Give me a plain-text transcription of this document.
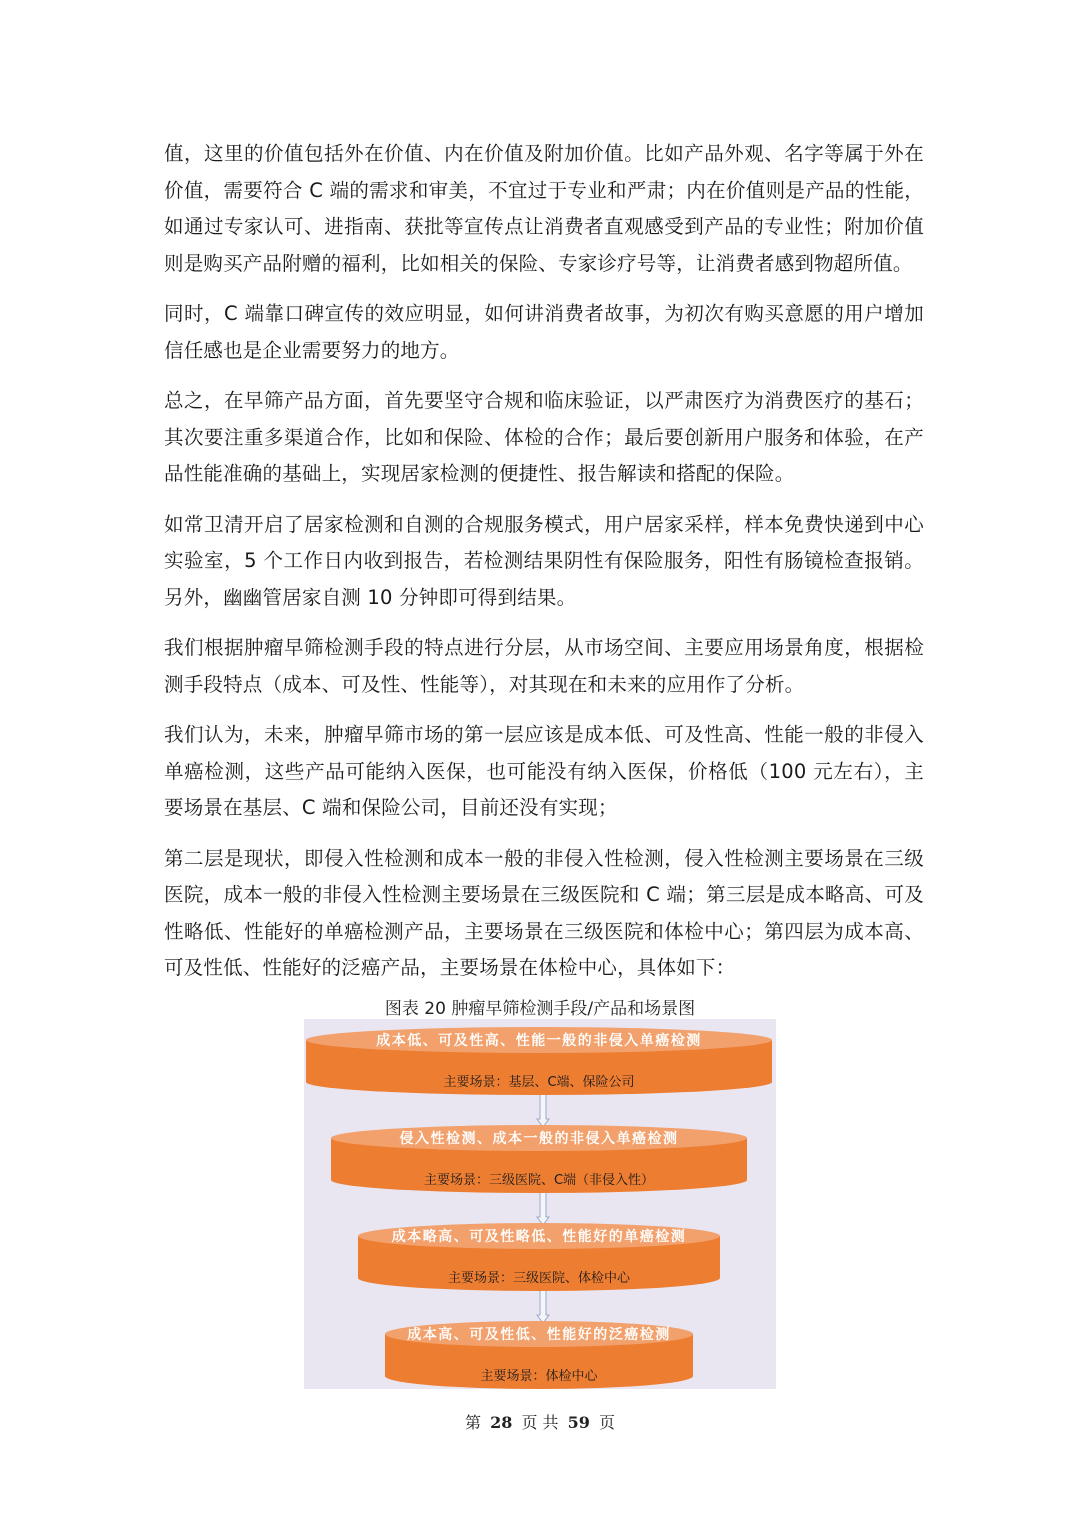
值，这里的价值包括外在价值、内在价值及附加价值。比如产品外观、名字等属于外在价值，需要符合 C 端的需求和审美，不宜过于专业和严肃；内在价值则是产品的性能，如通过专家认可、进指南、获批等宣传点让消费者直观感受到产品的专业性；附加价值则是购买产品附赠的福利，比如相关的保险、专家诊疗号等，让消费者感到物超所值。

同时，C 端靠口碑宣传的效应明显，如何讲消费者故事，为初次有购买意愿的用户增加信任感也是企业需要努力的地方。

总之，在早筛产品方面，首先要坚守合规和临床验证，以严肃医疗为消费医疗的基石；其次要注重多渠道合作，比如和保险、体检的合作；最后要创新用户服务和体验，在产品性能准确的基础上，实现居家检测的便捷性、报告解读和搭配的保险。

如常卫清开启了居家检测和自测的合规服务模式，用户居家采样，样本免费快递到中心实验室，5 个工作日内收到报告，若检测结果阴性有保险服务，阳性有肠镜检查报销。另外，幽幽管居家自测 10 分钟即可得到结果。

我们根据肿瘤早筛检测手段的特点进行分层，从市场空间、主要应用场景角度，根据检测手段特点（成本、可及性、性能等），对其现在和未来的应用作了分析。

我们认为，未来，肿瘤早筛市场的第一层应该是成本低、可及性高、性能一般的非侵入单癌检测，这些产品可能纳入医保，也可能没有纳入医保，价格低（100 元左右），主要场景在基层、C 端和保险公司，目前还没有实现；

第二层是现状，即侵入性检测和成本一般的非侵入性检测，侵入性检测主要场景在三级医院，成本一般的非侵入性检测主要场景在三级医院和 C 端；第三层是成本略高、可及性略低、性能好的单癌检测产品，主要场景在三级医院和体检中心；第四层为成本高、可及性低、性能好的泛癌产品，主要场景在体检中心，具体如下：

图表 20 肿瘤早筛检测手段/产品和场景图
成本低、可及性高、性能一般的非侵入单癌检测
主要场景：基层、C端、保险公司
侵入性检测、成本一般的非侵入单癌检测
主要场景：三级医院、C端（非侵入性）
成本略高、可及性略低、性能好的单癌检测
主要场景：三级医院、体检中心
成本高、可及性低、性能好的泛癌检测
主要场景：体检中心
第 28 页 共 59 页
